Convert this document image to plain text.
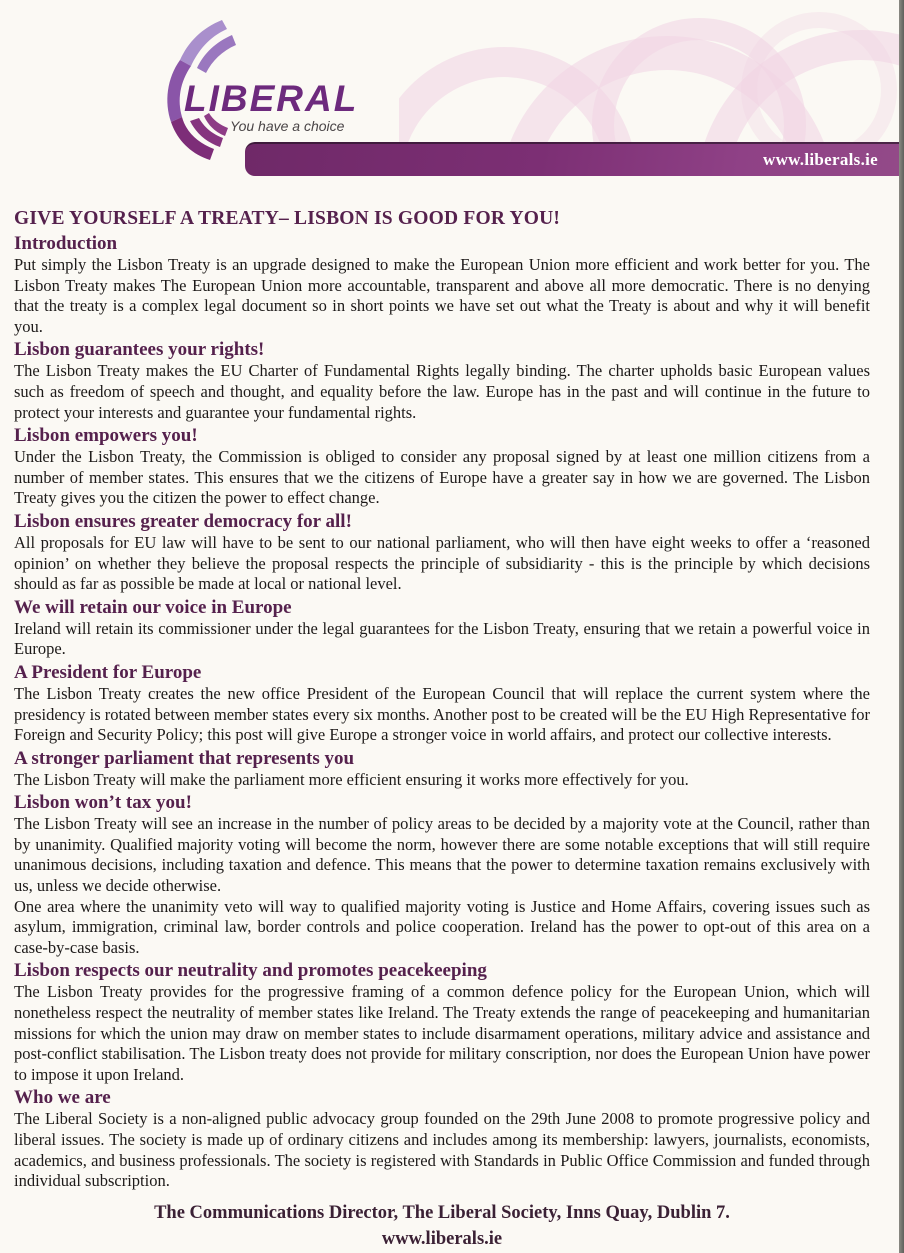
LIBERAL
You have a choice
www.liberals.ie
GIVE YOURSELF A TREATY– LISBON IS GOOD FOR YOU!
Introduction

Put simply the Lisbon Treaty is an upgrade designed to make the European Union more efficient and work better for you. The Lisbon Treaty makes The European Union more accountable, transparent and above all more democratic. There is no denying that the treaty is a complex legal document so in short points we have set out what the Treaty is about and why it will benefit you.

Lisbon guarantees your rights!

The Lisbon Treaty makes the EU Charter of Fundamental Rights legally binding. The charter upholds basic European values such as freedom of speech and thought, and equality before the law. Europe has in the past and will continue in the future to protect your interests and guarantee your fundamental rights.

Lisbon empowers you!

Under the Lisbon Treaty, the Commission is obliged to consider any proposal signed by at least one million citizens from a number of member states. This ensures that we the citizens of Europe have a greater say in how we are governed. The Lisbon Treaty gives you the citizen the power to effect change.

Lisbon ensures greater democracy for all!

All proposals for EU law will have to be sent to our national parliament, who will then have eight weeks to offer a ‘reasoned opinion’ on whether they believe the proposal respects the principle of subsidiarity - this is the principle by which decisions should as far as possible be made at local or national level.

We will retain our voice in Europe

Ireland will retain its commissioner under the legal guarantees for the Lisbon Treaty, ensuring that we retain a powerful voice in Europe.

A President for Europe

The Lisbon Treaty creates the new office President of the European Council that will replace the current system where the presidency is rotated between member states every six months. Another post to be created will be the EU High Representative for Foreign and Security Policy; this post will give Europe a stronger voice in world affairs, and protect our collective interests.

A stronger parliament that represents you

The Lisbon Treaty will make the parliament more efficient ensuring it works more effectively for you.

Lisbon won’t tax you!

The Lisbon Treaty will see an increase in the number of policy areas to be decided by a majority vote at the Council, rather than by unanimity. Qualified majority voting will become the norm, however there are some notable exceptions that will still require unanimous decisions, including taxation and defence. This means that the power to determine taxation remains exclusively with us, unless we decide otherwise.

One area where the unanimity veto will way to qualified majority voting is Justice and Home Affairs, covering issues such as asylum, immigration, criminal law, border controls and police cooperation. Ireland has the power to opt-out of this area on a case-by-case basis.

Lisbon respects our neutrality and promotes peacekeeping

The Lisbon Treaty provides for the progressive framing of a common defence policy for the European Union, which will nonetheless respect the neutrality of member states like Ireland. The Treaty extends the range of peacekeeping and humanitarian missions for which the union may draw on member states to include disarmament operations, military advice and assistance and post-conflict stabilisation. The Lisbon treaty does not provide for military conscription, nor does the European Union have power to impose it upon Ireland.

Who we are

The Liberal Society is a non-aligned public advocacy group founded on the 29th June 2008 to promote progressive policy and liberal issues. The society is made up of ordinary citizens and includes among its membership: lawyers, journalists, economists, academics, and business professionals. The society is registered with Standards in Public Office Commission and funded through individual subscription.

The Communications Director, The Liberal Society, Inns Quay, Dublin 7.
www.liberals.ie
